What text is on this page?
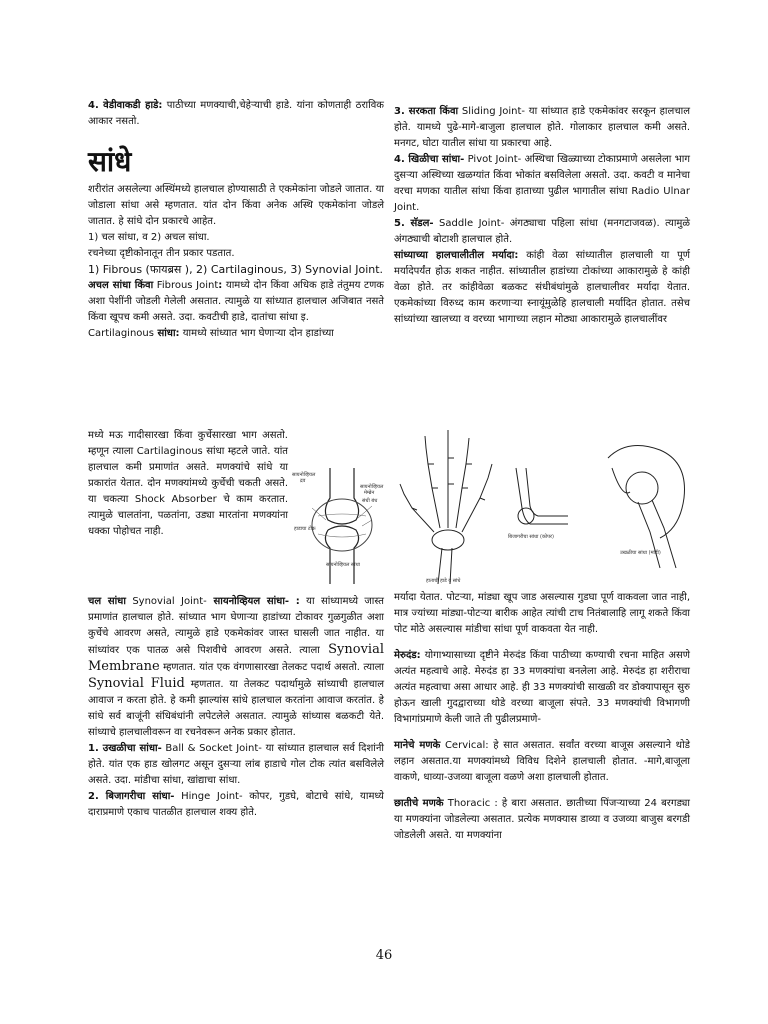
4. वेडीवाकडी हाडे: पाठीच्या मणक्याची,चेहेऱ्याची हाडे. यांना कोणताही ठराविक आकार नसतो.

सांधे

शरीरांत असलेल्या अस्थिंमध्ये हालचाल होण्यासाठी ते एकमेकांना जोडले जातात. या जोडाला सांधा असे म्हणतात. यांत दोन किंवा अनेक अस्थि एकमेकांना जोडले जातात. हे सांधे दोन प्रकारचे आहेत.

1) चल सांधा, व 2) अचल सांधा.

रचनेच्या दृष्टीकोनातून तीन प्रकार पडतात.

1) Fibrous (फायब्रस ), 2) Cartilaginous, 3) Synovial Joint.

अचल सांधा किंवा Fibrous Joint: यामध्ये दोन किंवा अधिक हाडे तंतुमय टणक अशा पेशींनी जोडली गेलेली असतात. त्यामुळे या सांध्यात हालचाल अजिबात नसते किंवा खूपच कमी असते. उदा. कवटीची हाडे, दातांचा सांधा इ.

Cartilaginous सांधा: यामध्ये सांध्यात भाग घेणाऱ्या दोन हाडांच्या

मध्ये मऊ गादीसारखा किंवा कुर्चेसारखा भाग असतो. म्हणून त्याला Cartilaginous सांधा म्हटले जाते. यांत हालचाल कमी प्रमाणांत असते. मणक्यांचे सांधे या प्रकारांत येतात. दोन मणक्यांमध्ये कुर्चेची चकती असते. या चकत्या Shock Absorber चे काम करतात. त्यामुळे चालतांना, पळतांना, उड्या मारतांना मणक्यांना धक्का पोहोचत नाही.
सायनोव्हियल
द्रव
सायनोव्हियल
मेम्ब्रेन
संधी बंध
हाडाचा टोक
सायनोव्हियल सांधा

चल सांधा Synovial Joint- सायनोव्हियल सांधा- : या सांध्यामध्ये जास्त प्रमाणांत हालचाल होते. सांध्यात भाग घेणाऱ्या हाडांच्या टोकावर गुळगुळीत अशा कुर्चेचे आवरण असते, त्यामुळे हाडे एकमेकांवर जास्त घासली जात नाहीत. या सांध्यांवर एक पातळ असे पिशवीचे आवरण असते. त्याला Synovial Membrane म्हणतात. यांत एक वंगणासारखा तेलकट पदार्थ असतो. त्याला Synovial Fluid म्हणतात. या तेलकट पदार्थामुळे सांध्याची हालचाल आवाज न करता होते. हे कमी झाल्यांस सांधे हालचाल करतांना आवाज करतांत. हे सांधे सर्व बाजूंनी संधिबंधांनी लपेटलेले असतात. त्यामुळे सांध्यास बळकटी येते. सांध्याचे हालचालीवरून वा रचनेवरून अनेक प्रकार होतात.

1. उखळीचा सांधा- Ball & Socket Joint- या सांध्यात हालचाल सर्व दिशांनी होते. यांत एक हाड खोलगट असून दुसऱ्या लांब हाडाचे गोल टोक त्यांत बसविलेले असते. उदा. मांडीचा सांधा, खांद्याचा सांधा.

2. बिजागरीचा सांधा- Hinge Joint- कोपर, गुडघे, बोटाचे सांधे, यामध्ये दाराप्रमाणे एकाच पातळीत हालचाल शक्य होते.

3. सरकता किंवा Sliding Joint- या सांध्यात हाडे एकमेकांवर सरकून हालचाल होते. यामध्ये पुढे-मागे-बाजुला हालचाल होते. गोलाकार हालचाल कमी असते. मनगट, घोटा यातील सांधा या प्रकारचा आहे.

4. खिळीचा सांधा- Pivot Joint- अस्थिचा खिळ्याच्या टोकाप्रमाणे असलेला भाग दुसऱ्या अस्थिच्या खळग्यांत किंवा भोकांत बसविलेला असतो. उदा. कवटी व मानेचा वरचा मणका यातील सांधा किंवा हाताच्या पुढील भागातील सांधा Radio Ulnar Joint.

5. सॅडल- Saddle Joint- अंगठ्याचा पहिला सांधा (मनगटाजवळ). त्यामुळे अंगठ्याची बोटाशी हालचाल होते.

सांध्याच्या हालचालीतील मर्यादा: कांही वेळा सांध्यातील हालचाली या पूर्ण मर्यादेपर्यंत होऊ शकत नाहीत. सांध्यातील हाडांच्या टोकांच्या आकारामुळे हे कांही वेळा होते. तर कांहीवेळा बळकट संधीबंधांमुळे हालचालीवर मर्यादा येतात. एकमेकांच्या विरुध्द काम करणाऱ्या स्नायूंमुळेहि हालचाली मर्यादित होतात. तसेच सांध्यांच्या खालच्या व वरच्या भागाच्या लहान मोठ्या आकारामुळे हालचालींवर

हाताची हाडे व सांधे
बिजागरीचा सांधा (कोपर)
उखळीचा सांधा (मांडी)

मर्यादा येतात. पोटऱ्या, मांड्या खूप जाड असल्यास गुडघा पूर्ण वाकवला जात नाही, मात्र ज्यांच्या मांड्या-पोटऱ्या बारीक आहेत त्यांची टाच नितंबालाहि लागू शकते किंवा पोट मोठे असल्यास मांडीचा सांधा पूर्ण वाकवता येत नाही.

मेरुदंड: योगाभ्यासाच्या दृष्टीने मेरुदंड किंवा पाठीच्या कण्याची रचना माहित असणे अत्यंत महत्वाचे आहे. मेरुदंड हा 33 मणक्यांचा बनलेला आहे. मेरुदंड हा शरीराचा अत्यंत महत्वाचा असा आधार आहे. ही 33 मणक्यांची साखळी वर डोक्यापासून सुरु होऊन खाली गुदद्वाराच्या थोडे वरच्या बाजूला संपते. 33 मणक्यांची विभागणी विभागांप्रमाणे केली जाते ती पुढीलप्रमाणे-

मानेचे मणके Cervical: हे सात असतात. सर्वांत वरच्या बाजूस असल्याने थोडे लहान असतात.या मणक्यांमध्ये विविध दिशेने हालचाली होतात. -मागे,बाजूला वाकणे, धाव्या-उजव्या बाजूला वळणे अशा हालचाली होतात.

छातीचे मणके Thoracic : हे बारा असतात. छातीच्या पिंजऱ्याच्या 24 बरगड्या या मणक्यांना जोडलेल्या असतात. प्रत्येक मणक्यास डाव्या व उजव्या बाजुस बरगडी जोडलेली असते. या मणक्यांना

46
